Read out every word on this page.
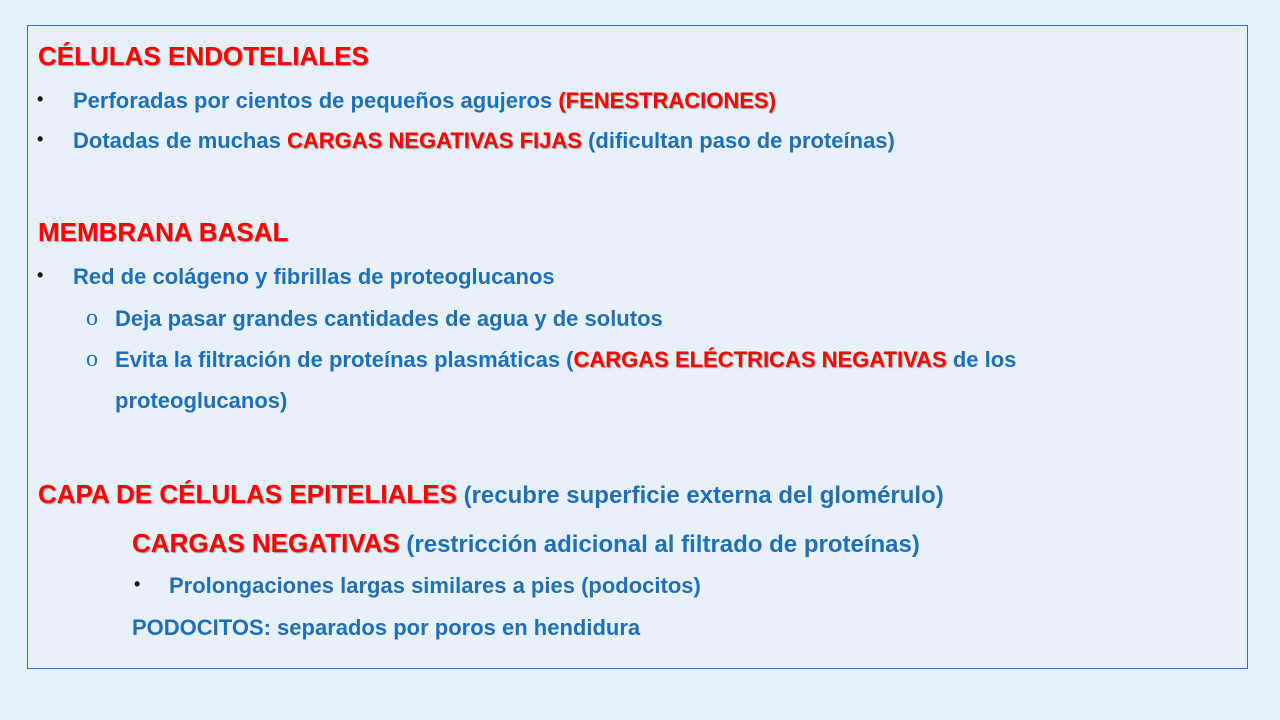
CÉLULAS ENDOTELIALES
• Perforadas por cientos de pequeños agujeros (FENESTRACIONES)
• Dotadas de muchas CARGAS NEGATIVAS FIJAS (dificultan paso de proteínas)
MEMBRANA BASAL
• Red de colágeno y fibrillas de proteoglucanos
o Deja pasar grandes cantidades de agua y de solutos
o Evita la filtración de proteínas plasmáticas (CARGAS ELÉCTRICAS NEGATIVAS de los
proteoglucanos)
CAPA DE CÉLULAS EPITELIALES (recubre superficie externa del glomérulo)
CARGAS NEGATIVAS (restricción adicional al filtrado de proteínas)
• Prolongaciones largas similares a pies (podocitos)
PODOCITOS: separados por poros en hendidura
